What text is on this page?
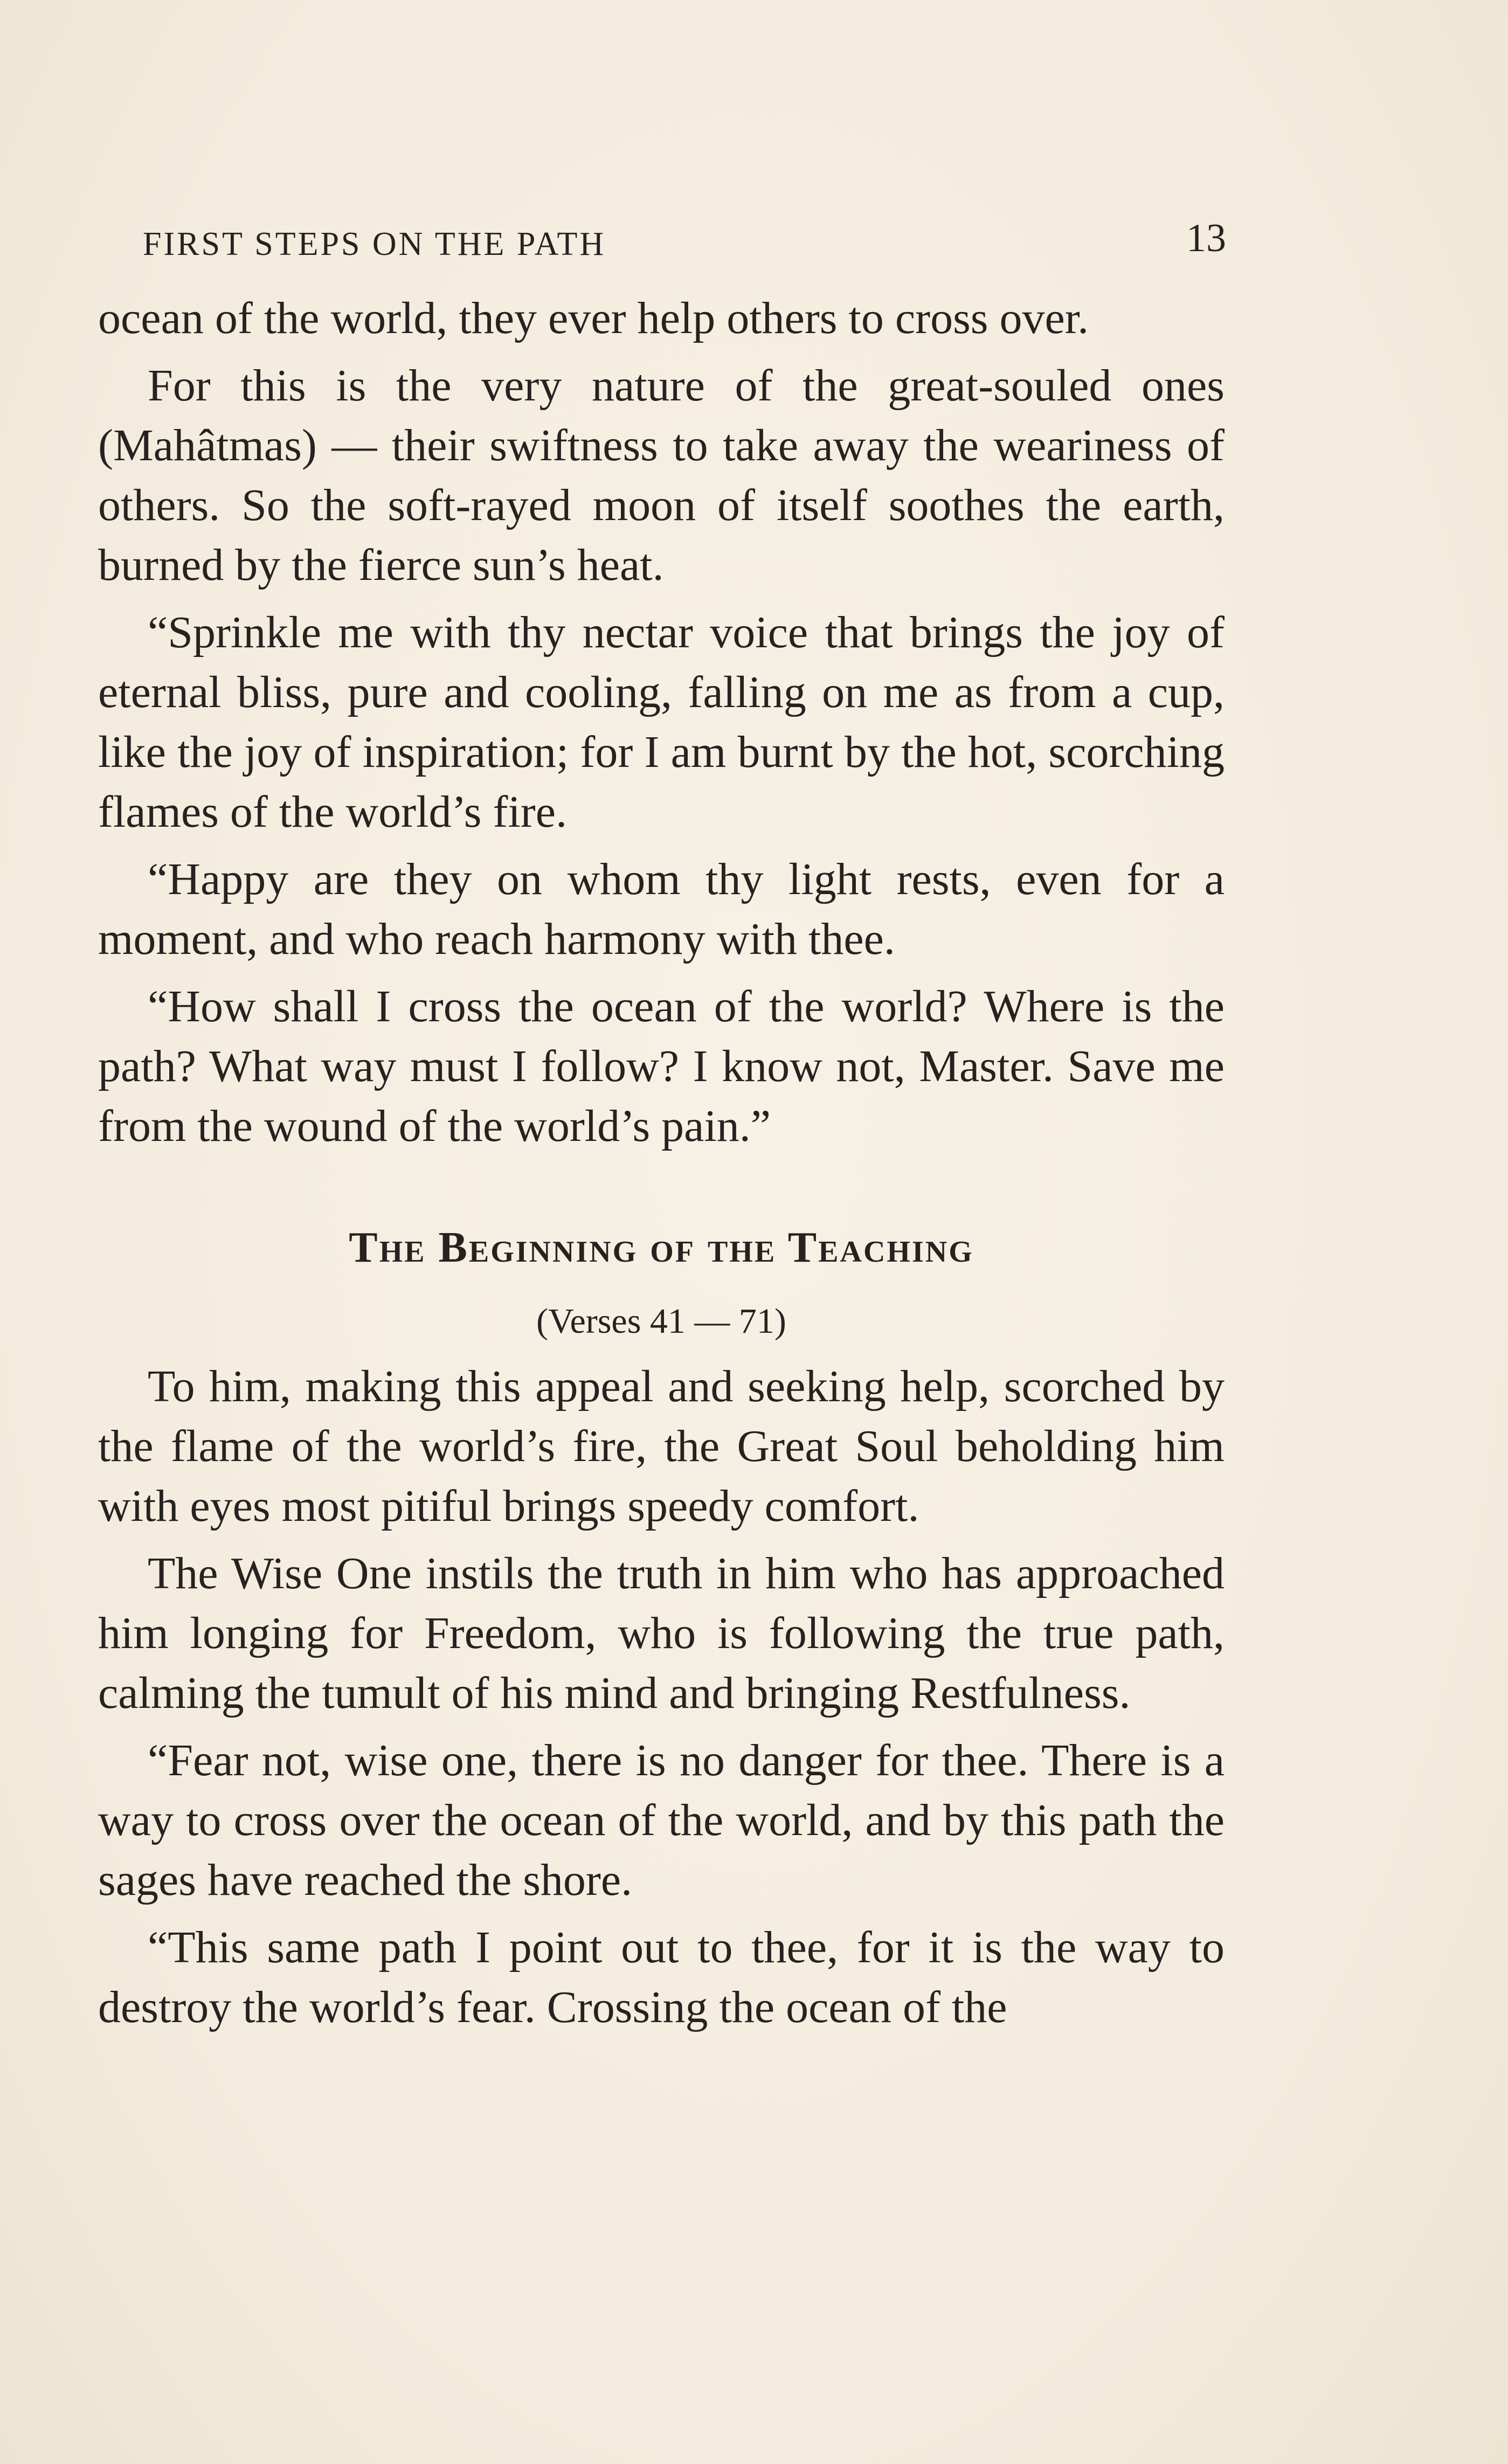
FIRST STEPS ON THE PATH	13

ocean of the world, they ever help others to cross over.

For this is the very nature of the great-souled ones (Mahâtmas) — their swiftness to take away the weariness of others. So the soft-rayed moon of itself soothes the earth, burned by the fierce sun’s heat.

“Sprinkle me with thy nectar voice that brings the joy of eternal bliss, pure and cooling, falling on me as from a cup, like the joy of inspiration; for I am burnt by the hot, scorching flames of the world’s fire.

“Happy are they on whom thy light rests, even for a moment, and who reach harmony with thee.

“How shall I cross the ocean of the world? Where is the path? What way must I follow? I know not, Master. Save me from the wound of the world’s pain.”

The Beginning of the Teaching
(Verses 41 — 71)

To him, making this appeal and seeking help, scorched by the flame of the world’s fire, the Great Soul beholding him with eyes most pitiful brings speedy comfort.

The Wise One instils the truth in him who has approached him longing for Freedom, who is following the true path, calming the tumult of his mind and bringing Restfulness.

“Fear not, wise one, there is no danger for thee. There is a way to cross over the ocean of the world, and by this path the sages have reached the shore.

“This same path I point out to thee, for it is the way to destroy the world’s fear. Crossing the ocean of the
